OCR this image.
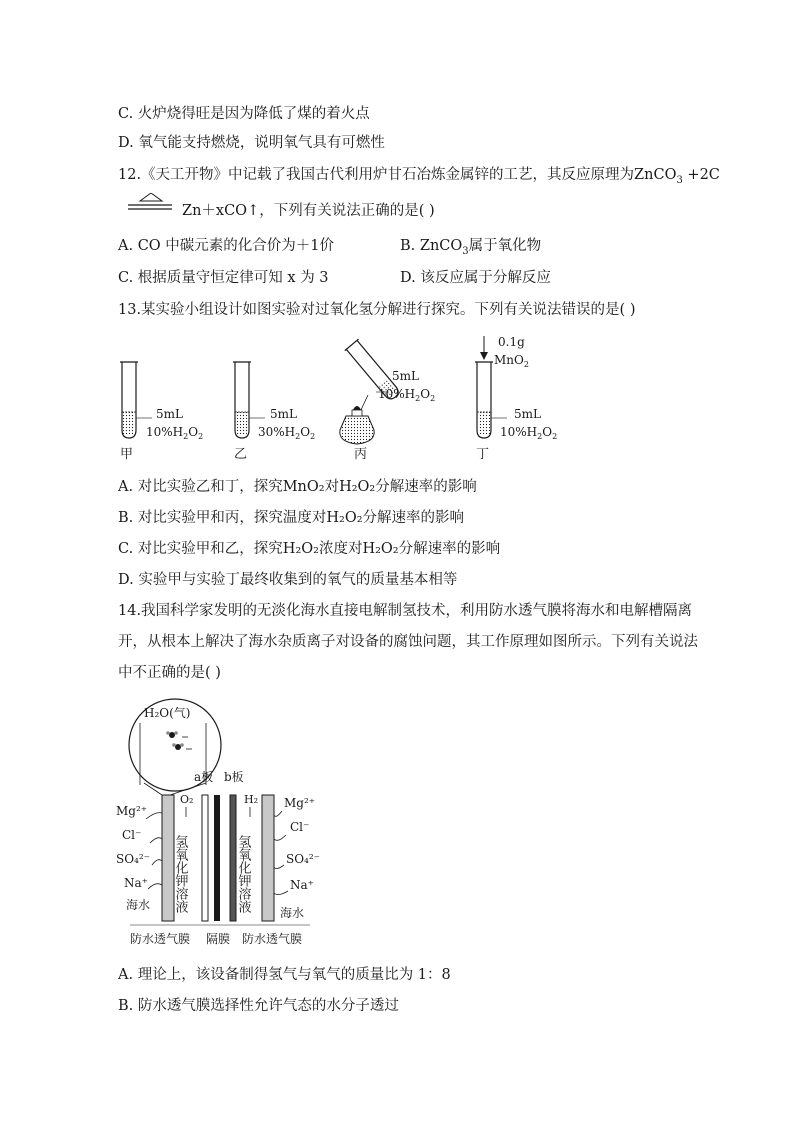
C. 火炉烧得旺是因为降低了煤的着火点
D. 氧气能支持燃烧，说明氧气具有可燃性
12.《天工开物》中记载了我国古代利用炉甘石冶炼金属锌的工艺，其反应原理为ZnCO$_3$ +2C
Zn＋xCO↑，下列有关说法正确的是( )
A. CO 中碳元素的化合价为＋1价	B. ZnCO$_3$属于氧化物
C. 根据质量守恒定律可知 x 为 3	D. 该反应属于分解反应
13.某实验小组设计如图实验对过氧化氢分解进行探究。下列有关说法错误的是( )
5mL
$10\%H_2O_2$
甲
5mL
$30\%H_2O_2$
乙
5mL
$10\%H_2O_2$
丙
0.1g
MnO$_2$
5mL
$10\%H_2O_2$
丁
A. 对比实验乙和丁，探究MnO₂对H₂O₂分解速率的影响
B. 对比实验甲和丙，探究温度对H₂O₂分解速率的影响
C. 对比实验甲和乙，探究H₂O₂浓度对H₂O₂分解速率的影响
D. 实验甲与实验丁最终收集到的氧气的质量基本相等
14.我国科学家发明的无淡化海水直接电解制氢技术，利用防水透气膜将海水和电解槽隔离
开，从根本上解决了海水杂质离子对设备的腐蚀问题，其工作原理如图所示。下列有关说法
中不正确的是( )
H₂O(气)
a板 b板
O₂	H₂
氢氧化钾溶液	氢氧化钾溶液
Mg²⁺
Cl⁻
SO₄²⁻
Na⁺
海水
Mg²⁺
Cl⁻
SO₄²⁻
Na⁺
海水
防水透气膜 隔膜 防水透气膜
A. 理论上，该设备制得氢气与氧气的质量比为 1：8
B. 防水透气膜选择性允许气态的水分子透过
